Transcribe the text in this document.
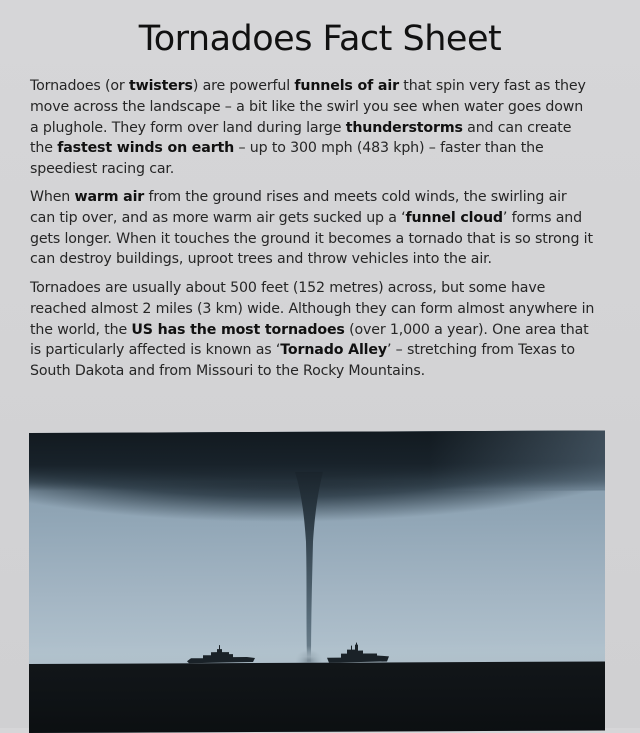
Tornadoes Fact Sheet

Tornadoes (or twisters) are powerful funnels of air that spin very fast as they
move across the landscape – a bit like the swirl you see when water goes down
a plughole. They form over land during large thunderstorms and can create
the fastest winds on earth – up to 300 mph (483 kph) – faster than the
speediest racing car.

When warm air from the ground rises and meets cold winds, the swirling air
can tip over, and as more warm air gets sucked up a ‘funnel cloud’ forms and
gets longer. When it touches the ground it becomes a tornado that is so strong it
can destroy buildings, uproot trees and throw vehicles into the air.

Tornadoes are usually about 500 feet (152 metres) across, but some have
reached almost 2 miles (3 km) wide. Although they can form almost anywhere in
the world, the US has the most tornadoes (over 1,000 a year). One area that
is particularly affected is known as ‘Tornado Alley’ – stretching from Texas to
South Dakota and from Missouri to the Rocky Mountains.
